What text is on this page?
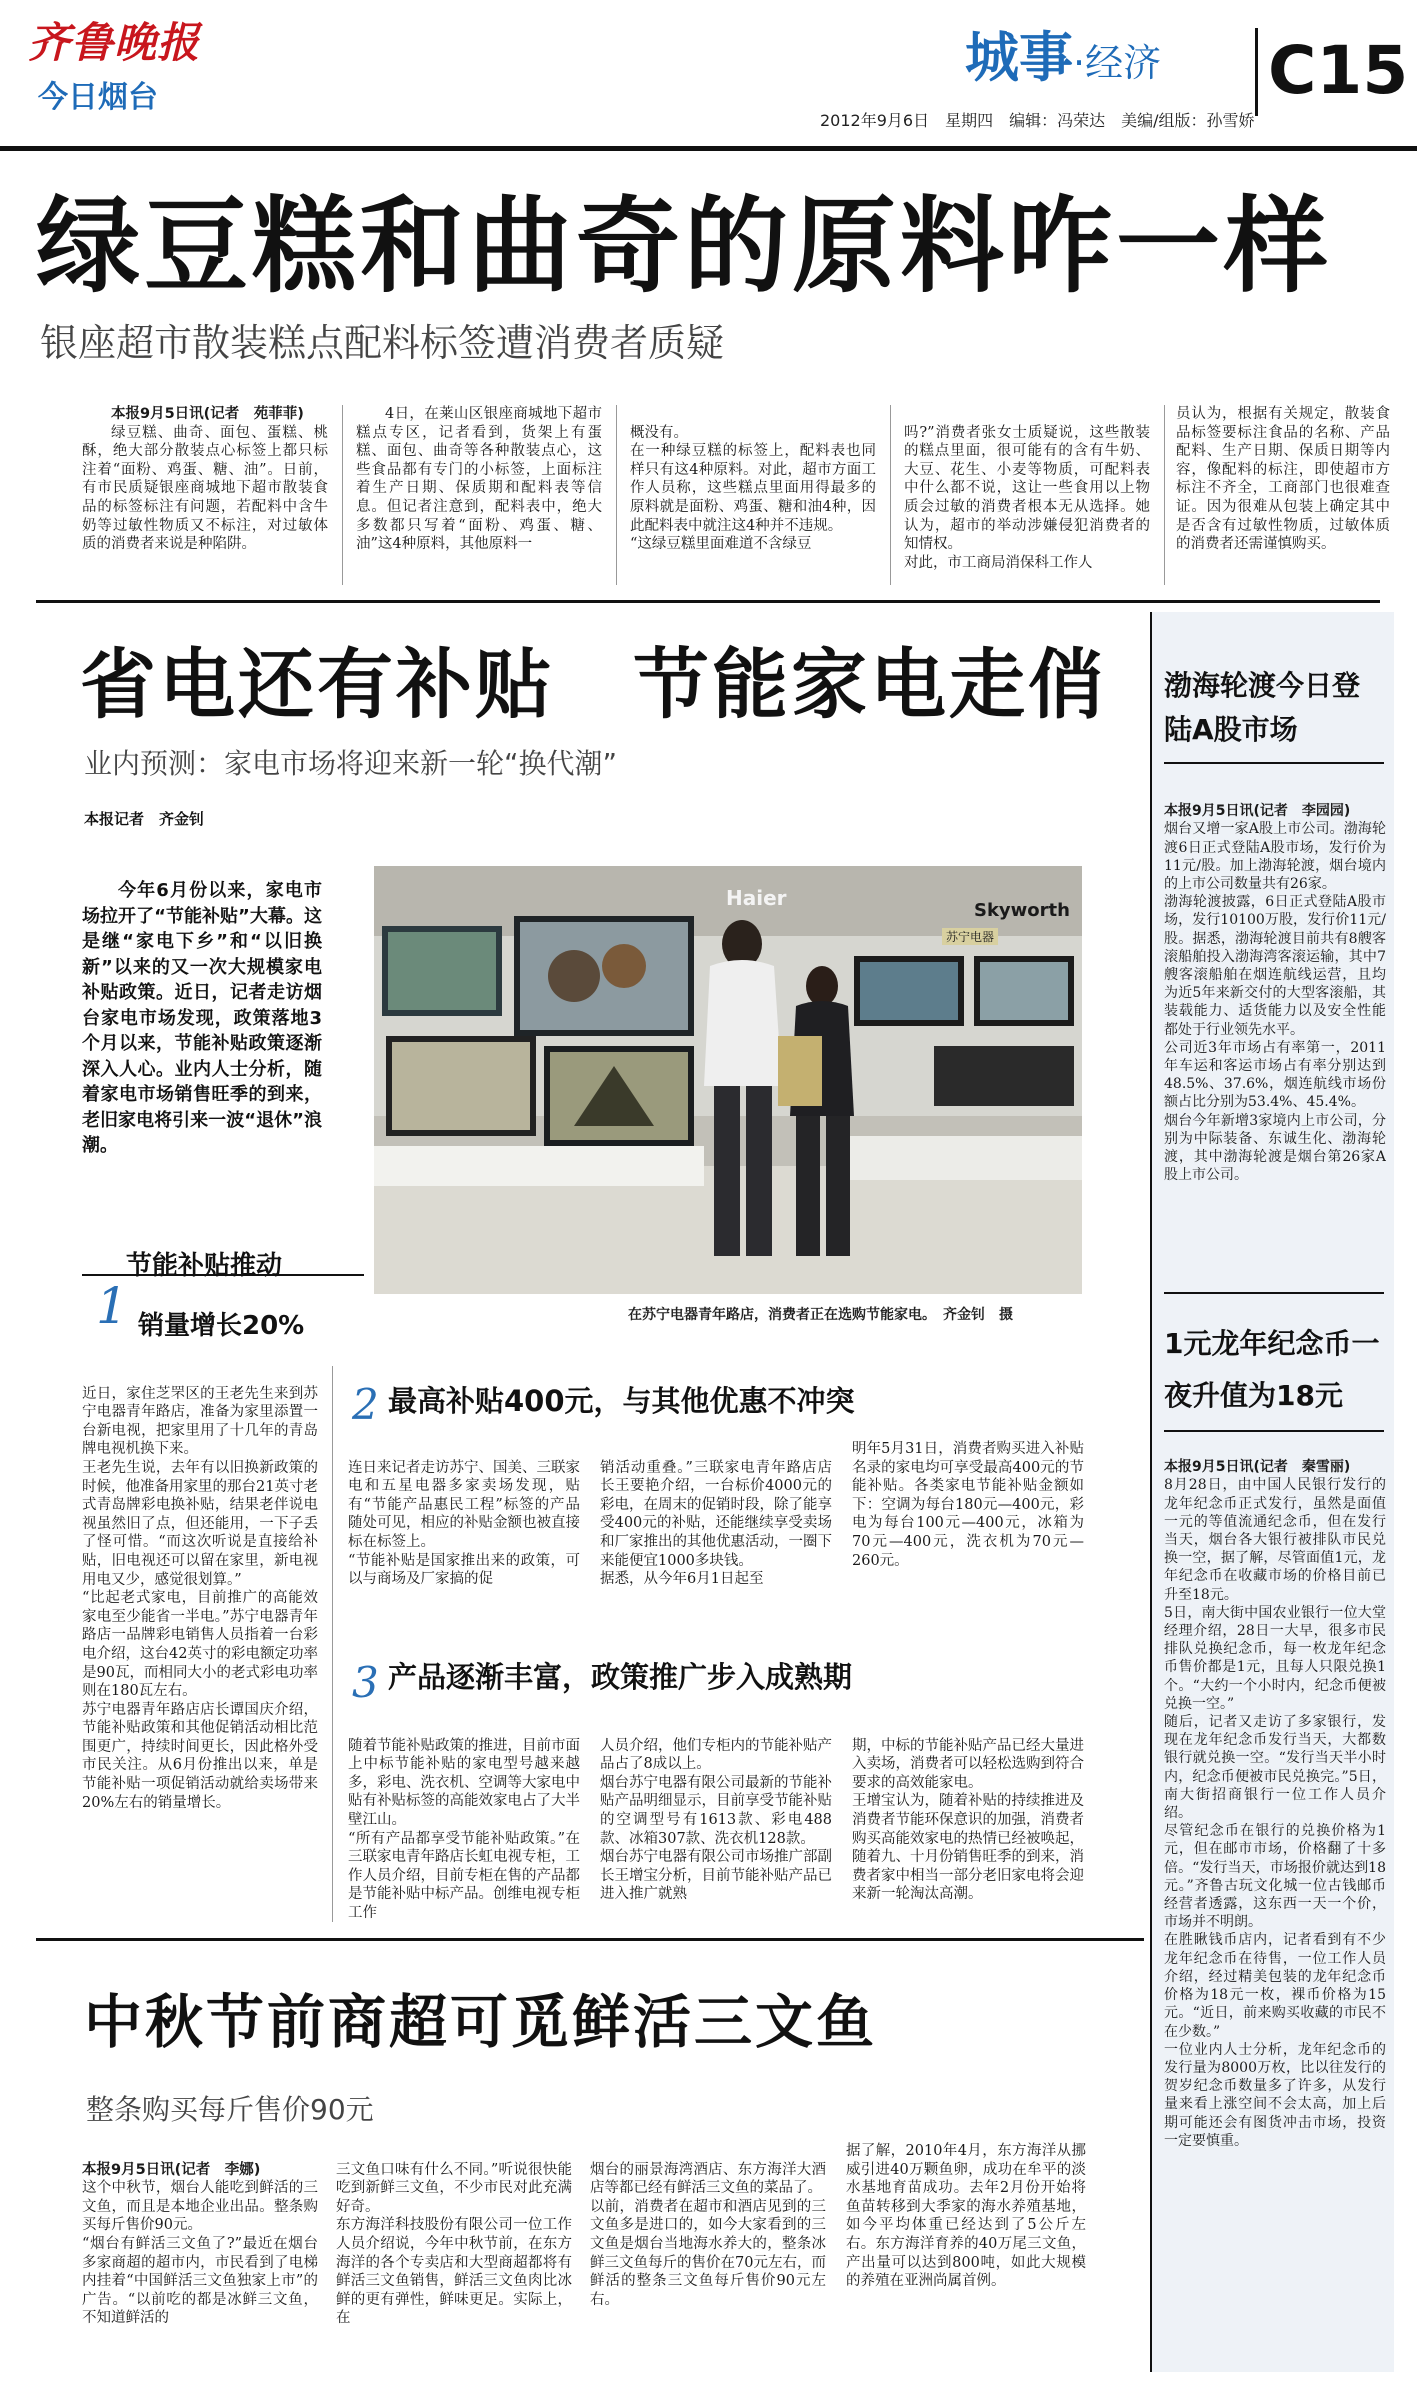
齐鲁晚报
今日烟台
城事·经济 C15
2012年9月6日　星期四　编辑：冯荣达　美编/组版：孙雪娇
绿豆糕和曲奇的原料咋一样
银座超市散装糕点配料标签遭消费者质疑

本报9月5日讯(记者　苑菲菲)

绿豆糕、曲奇、面包、蛋糕、桃酥，绝大部分散装点心标签上都只标注着“面粉、鸡蛋、糖、油”。日前，有市民质疑银座商城地下超市散装食品的标签标注有问题，若配料中含牛奶等过敏性物质又不标注，对过敏体质的消费者来说是种陷阱。

4日，在莱山区银座商城地下超市糕点专区，记者看到，货架上有蛋糕、面包、曲奇等各种散装点心，这些食品都有专门的小标签，上面标注着生产日期、保质期和配料表等信息。但记者注意到，配料表中，绝大多数都只写着“面粉、鸡蛋、糖、油”这4种原料，其他原料一

概没有。
在一种绿豆糕的标签上，配料表也同样只有这4种原料。对此，超市方面工作人员称，这些糕点里面用得最多的原料就是面粉、鸡蛋、糖和油4种，因此配料表中就注这4种并不违规。
“这绿豆糕里面难道不含绿豆

吗?”消费者张女士质疑说，这些散装的糕点里面，很可能有的含有牛奶、大豆、花生、小麦等物质，可配料表中什么都不说，这让一些食用以上物质会过敏的消费者根本无从选择。她认为，超市的举动涉嫌侵犯消费者的知情权。
对此，市工商局消保科工作人

员认为，根据有关规定，散装食品标签要标注食品的名称、产品配料、生产日期、保质日期等内容，像配料的标注，即使超市方标注不齐全，工商部门也很难查证。因为很难从包装上确定其中是否含有过敏性物质，过敏体质的消费者还需谨慎购买。
渤海轮渡今日登陆A股市场

本报9月5日讯(记者　李园园)
烟台又增一家A股上市公司。渤海轮渡6日正式登陆A股市场，发行价为11元/股。加上渤海轮渡，烟台境内的上市公司数量共有26家。
渤海轮渡披露，6日正式登陆A股市场，发行10100万股，发行价11元/股。据悉，渤海轮渡目前共有8艘客滚船舶投入渤海湾客滚运输，其中7艘客滚船舶在烟连航线运营，且均为近5年来新交付的大型客滚船，其装载能力、适货能力以及安全性能都处于行业领先水平。
公司近3年市场占有率第一，2011年车运和客运市场占有率分别达到48.5%、37.6%，烟连航线市场份额占比分别为53.4%、45.4%。
烟台今年新增3家境内上市公司，分别为中际装备、东诚生化、渤海轮渡，其中渤海轮渡是烟台第26家A股上市公司。

1元龙年纪念币一夜升值为18元

本报9月5日讯(记者　秦雪丽)
8月28日，由中国人民银行发行的龙年纪念币正式发行，虽然是面值一元的等值流通纪念币，但在发行当天，烟台各大银行被排队市民兑换一空，据了解，尽管面值1元，龙年纪念币在收藏市场的价格目前已升至18元。
5日，南大街中国农业银行一位大堂经理介绍，28日一大早，很多市民排队兑换纪念币，每一枚龙年纪念币售价都是1元，且每人只限兑换1个。“大约一个小时内，纪念币便被兑换一空。”
随后，记者又走访了多家银行，发现在龙年纪念币发行当天，大都数银行就兑换一空。“发行当天半小时内，纪念币便被市民兑换完。”5日，南大街招商银行一位工作人员介绍。
尽管纪念币在银行的兑换价格为1元，但在邮市市场，价格翻了十多倍。“发行当天，市场报价就达到18元。”齐鲁古玩文化城一位古钱邮币经营者透露，这东西一天一个价，市场并不明朗。
在胜瞅钱币店内，记者看到有不少龙年纪念币在待售，一位工作人员介绍，经过精美包装的龙年纪念币价格为18元一枚，裸币价格为15元。“近日，前来购买收藏的市民不在少数。”
一位业内人士分析，龙年纪念币的发行量为8000万枚，比以往发行的贺岁纪念币数量多了许多，从发行量来看上涨空间不会太高，加上后期可能还会有图货冲击市场，投资一定要慎重。

省电还有补贴　节能家电走俏
业内预测：家电市场将迎来新一轮“换代潮”
本报记者　齐金钊
今年6月份以来，家电市场拉开了“节能补贴”大幕。这是继“家电下乡”和“以旧换新”以来的又一次大规模家电补贴政策。近日，记者走访烟台家电市场发现，政策落地3个月以来，节能补贴政策逐渐深入人心。业内人士分析，随着家电市场销售旺季的到来，老旧家电将引来一波“退休”浪潮。
Haier
Skyworth
苏宁电器
在苏宁电器青年路店，消费者正在选购节能家电。　齐金钊　摄
1
节能补贴推动
销量增长20%

近日，家住芝罘区的王老先生来到苏宁电器青年路店，准备为家里添置一台新电视，把家里用了十几年的青岛牌电视机换下来。
王老先生说，去年有以旧换新政策的时候，他准备用家里的那台21英寸老式青岛牌彩电换补贴，结果老伴说电视虽然旧了点，但还能用，一下子丢了怪可惜。“而这次听说是直接给补贴，旧电视还可以留在家里，新电视用电又少，感觉很划算。”
“比起老式家电，目前推广的高能效家电至少能省一半电。”苏宁电器青年路店一品牌彩电销售人员指着一台彩电介绍，这台42英寸的彩电额定功率是90瓦，而相同大小的老式彩电功率则在180瓦左右。
苏宁电器青年路店店长谭国庆介绍，节能补贴政策和其他促销活动相比范围更广，持续时间更长，因此格外受市民关注。从6月份推出以来，单是节能补贴一项促销活动就给卖场带来20%左右的销量增长。

2 最高补贴400元，与其他优惠不冲突

连日来记者走访苏宁、国美、三联家电和五星电器多家卖场发现，贴有“节能产品惠民工程”标签的产品随处可见，相应的补贴金额也被直接标在标签上。
“节能补贴是国家推出来的政策，可以与商场及厂家搞的促

销活动重叠。”三联家电青年路店店长王要艳介绍，一台标价4000元的彩电，在周末的促销时段，除了能享受400元的补贴，还能继续享受卖场和厂家推出的其他优惠活动，一圈下来能便宜1000多块钱。
据悉，从今年6月1日起至

明年5月31日，消费者购买进入补贴名录的家电均可享受最高400元的节能补贴。各类家电节能补贴金额如下：空调为每台180元—400元，彩电为每台100元—400元，冰箱为70元—400元，洗衣机为70元—260元。
3 产品逐渐丰富，政策推广步入成熟期

随着节能补贴政策的推进，目前市面上中标节能补贴的家电型号越来越多，彩电、洗衣机、空调等大家电中贴有补贴标签的高能效家电占了大半壁江山。
“所有产品都享受节能补贴政策。”在三联家电青年路店长虹电视专柜，工作人员介绍，目前专柜在售的产品都是节能补贴中标产品。创维电视专柜工作

人员介绍，他们专柜内的节能补贴产品占了8成以上。
烟台苏宁电器有限公司最新的节能补贴产品明细显示，目前享受节能补贴的空调型号有1613款、彩电488款、冰箱307款、洗衣机128款。
烟台苏宁电器有限公司市场推广部副长王增宝分析，目前节能补贴产品已进入推广就熟

期，中标的节能补贴产品已经大量进入卖场，消费者可以轻松选购到符合要求的高效能家电。
王增宝认为，随着补贴的持续推进及消费者节能环保意识的加强，消费者购买高能效家电的热情已经被唤起，随着九、十月份销售旺季的到来，消费者家中相当一部分老旧家电将会迎来新一轮淘汰高潮。

中秋节前商超可觅鲜活三文鱼
整条购买每斤售价90元

本报9月5日讯(记者　李娜)
这个中秋节，烟台人能吃到鲜活的三文鱼，而且是本地企业出品。整条购买每斤售价90元。
“烟台有鲜活三文鱼了?”最近在烟台多家商超的超市内，市民看到了电梯内挂着“中国鲜活三文鱼独家上市”的广告。“以前吃的都是冰鲜三文鱼，不知道鲜活的

三文鱼口味有什么不同。”听说很快能吃到新鲜三文鱼，不少市民对此充满好奇。
东方海洋科技股份有限公司一位工作人员介绍说，今年中秋节前，在东方海洋的各个专卖店和大型商超都将有鲜活三文鱼销售，鲜活三文鱼肉比冰鲜的更有弹性，鲜味更足。实际上，在

烟台的丽景海湾酒店、东方海洋大酒店等都已经有鲜活三文鱼的菜品了。
以前，消费者在超市和酒店见到的三文鱼多是进口的，如今大家看到的三文鱼是烟台当地海水养大的，整条冰鲜三文鱼每斤的售价在70元左右，而鲜活的整条三文鱼每斤售价90元左右。

据了解，2010年4月，东方海洋从挪威引进40万颗鱼卵，成功在牟平的淡水基地育苗成功。去年2月份开始将鱼苗转移到大季家的海水养殖基地，如今平均体重已经达到了5公斤左右。东方海洋育养的40万尾三文鱼，产出量可以达到800吨，如此大规模的养殖在亚洲尚属首例。
